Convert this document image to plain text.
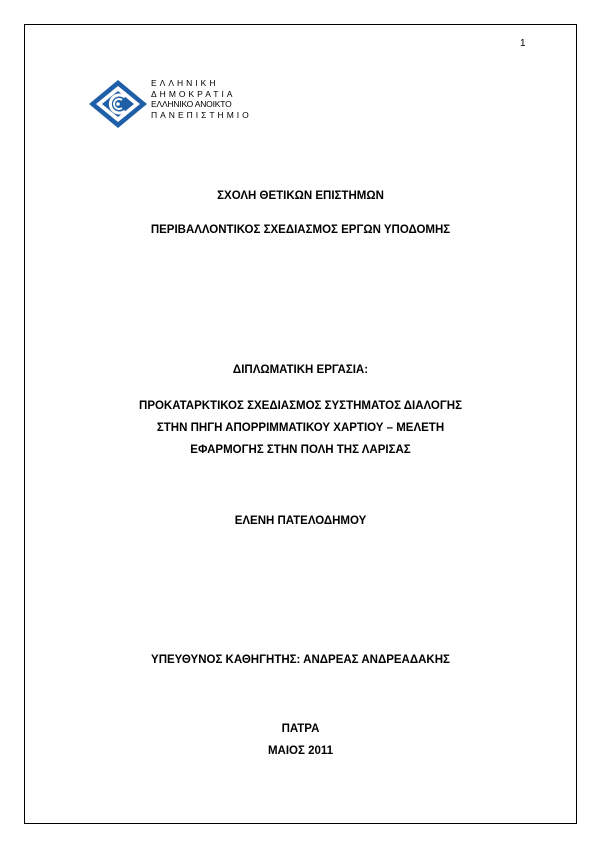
1
ΕΛΛΗΝΙΚΗ
ΔΗΜΟΚΡΑΤΙΑ
ΕΛΛΗΝΙΚΟ ΑΝΟΙΚΤΟ
ΠΑΝΕΠΙΣΤΗΜΙΟ
ΣΧΟΛΗ ΘΕΤΙΚΩΝ ΕΠΙΣΤΗΜΩΝ
ΠΕΡΙΒΑΛΛΟΝΤΙΚΟΣ ΣΧΕΔΙΑΣΜΟΣ ΕΡΓΩΝ ΥΠΟΔΟΜΗΣ
ΔΙΠΛΩΜΑΤΙΚΗ ΕΡΓΑΣΙΑ:
ΠΡΟΚΑΤΑΡΚΤΙΚΟΣ ΣΧΕΔΙΑΣΜΟΣ ΣΥΣΤΗΜΑΤΟΣ ΔΙΑΛΟΓΗΣ
ΣΤΗΝ ΠΗΓΗ ΑΠΟΡΡΙΜΜΑΤΙΚΟΥ ΧΑΡΤΙΟΥ – ΜΕΛΕΤΗ
ΕΦΑΡΜΟΓΗΣ ΣΤΗΝ ΠΟΛΗ ΤΗΣ ΛΑΡΙΣΑΣ
ΕΛΕΝΗ ΠΑΤΕΛΟΔΗΜΟΥ
ΥΠΕΥΘΥΝΟΣ ΚΑΘΗΓΗΤΗΣ: ΑΝΔΡΕΑΣ ΑΝΔΡΕΑΔΑΚΗΣ
ΠΑΤΡΑ
ΜΑΙΟΣ 2011
